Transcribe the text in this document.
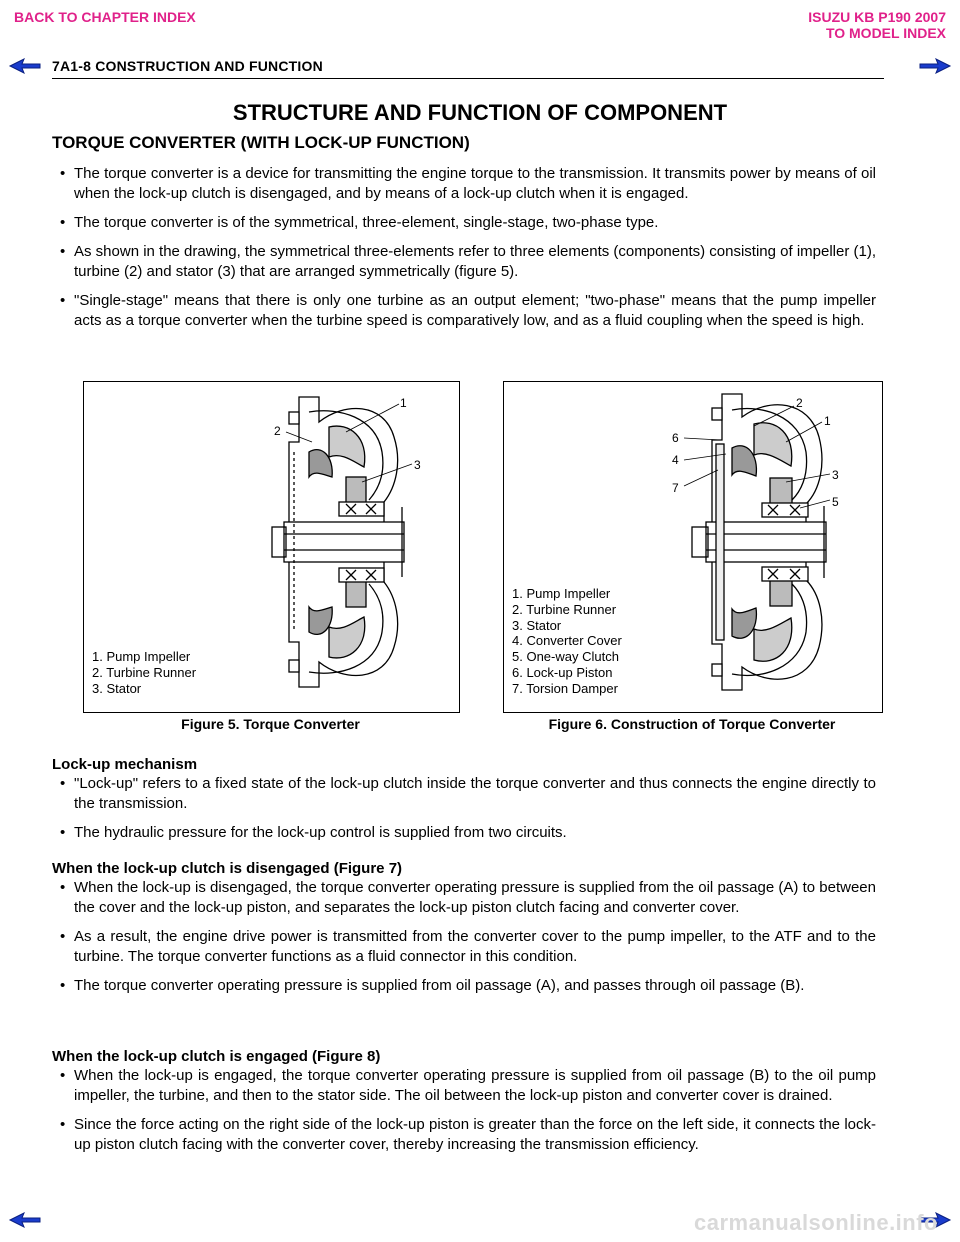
BACK TO CHAPTER INDEX	ISUZU KB P190 2007
TO MODEL INDEX
7A1-8 CONSTRUCTION AND FUNCTION
STRUCTURE AND FUNCTION OF COMPONENT
TORQUE CONVERTER (WITH LOCK-UP FUNCTION)
• The torque converter is a device for transmitting the engine torque to the transmission. It transmits power by means of oil when the lock-up clutch is disengaged, and by means of a lock-up clutch when it is engaged.
• The torque converter is of the symmetrical, three-element, single-stage, two-phase type.
• As shown in the drawing, the symmetrical three-elements refer to three elements (components) consisting of impeller (1), turbine (2) and stator (3) that are arranged symmetrically (figure 5).
• "Single-stage" means that there is only one turbine as an output element; "two-phase" means that the pump impeller acts as a torque converter when the turbine speed is comparatively low, and as a fluid coupling when the speed is high.
1
2
3
1. Pump Impeller
2. Turbine Runner
3. Stator
Figure 5. Torque Converter
2
1
6
4
7
3
5
1. Pump Impeller
2. Turbine Runner
3. Stator
4. Converter Cover
5. One-way Clutch
6. Lock-up Piston
7. Torsion Damper
Figure 6. Construction of Torque Converter
Lock-up mechanism
• "Lock-up" refers to a fixed state of the lock-up clutch inside the torque converter and thus connects the engine directly to the transmission.
• The hydraulic pressure for the lock-up control is supplied from two circuits.
When the lock-up clutch is disengaged (Figure 7)
• When the lock-up is disengaged, the torque converter operating pressure is supplied from the oil passage (A) to between the cover and the lock-up piston, and separates the lock-up piston clutch facing and converter cover.
• As a result, the engine drive power is transmitted from the converter cover to the pump impeller, to the ATF and to the turbine. The torque converter functions as a fluid connector in this condition.
• The torque converter operating pressure is supplied from oil passage (A), and passes through oil passage (B).
When the lock-up clutch is engaged (Figure 8)
• When the lock-up is engaged, the torque converter operating pressure is supplied from oil passage (B) to the oil pump impeller, the turbine, and then to the stator side. The oil between the lock-up piston and converter cover is drained.
• Since the force acting on the right side of the lock-up piston is greater than the force on the left side, it connects the lock-up piston clutch facing with the converter cover, thereby increasing the transmission efficiency.
carmanualsonline.info
